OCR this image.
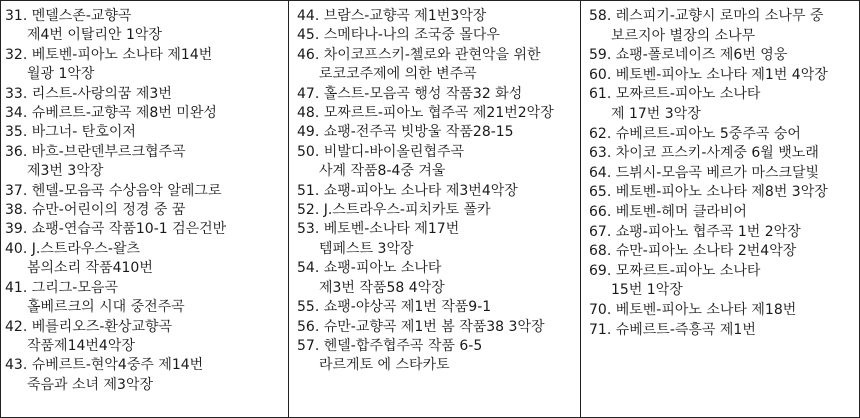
31. 멘델스존-교향곡
제4번 이탈리안 1악장
32. 베토벤-피아노 소나타 제14번
월광 1악장
33. 리스트-사랑의꿈 제3번
34. 슈베르트-교향곡 제8번 미완성
35. 바그너- 탄호이저
36. 바흐-브란덴부르크협주곡
제3번 3악장
37. 헨델-모음곡 수상음악 알레그로
38. 슈만-어린이의 정경 중 꿈
39. 쇼팽-연습곡 작품10-1 검은건반
40. J.스트라우스-왈츠
봄의소리 작품410번
41. 그리그-모음곡
홀베르크의 시대 중전주곡
42. 베를리오즈-환상교향곡
작품제14번4악장
43. 슈베르트-현악4중주 제14번
죽음과 소녀 제3악장
44. 브람스-교향곡 제1번3악장
45. 스메타나-나의 조국중 몰다우
46. 차이코프스키-첼로와 관현악을 위한
로코코주제에 의한 변주곡
47. 홀스트-모음곡 행성 작품32 화성
48. 모짜르트-피아노 협주곡 제21번2악장
49. 쇼팽-전주곡 빗방울 작품28-15
50. 비발디-바이올린협주곡
사계 작품8-4중 겨울
51. 쇼팽-피아노 소나타 제3번4악장
52. J.스트라우스-피치카토 폴카
53. 베토벤-소나타 제17번
템페스트 3악장
54. 쇼팽-피아노 소나타
제3번 작품58 4악장
55. 쇼팽-야상곡 제1번 작품9-1
56. 슈만-교향곡 제1번 봄 작품38 3악장
57. 헨델-합주협주곡 작품 6-5
라르게토 에 스타카토
58. 레스피기-교향시 로마의 소나무 중
보르지아 별장의 소나무
59. 쇼팽-폴로네이즈 제6번 영웅
60. 베토벤-피아노 소나타 제1번 4악장
61. 모짜르트-피아노 소나타
제 17번 3악장
62. 슈베르트-피아노 5중주곡 숭어
63. 차이코 프스키-사계중 6월 뱃노래
64. 드뷔시-모음곡 베르가 마스크달빛
65. 베토벤-피아노 소나타 제8번 3악장
66. 베토벤-헤머 클라비어
67. 쇼팽-피아노 협주곡 1번 2악장
68. 슈만-피아노 소나타 2번4악장
69. 모짜르트-피아노 소나타
15번 1악장
70. 베토벤-피아노 소나타 제18번
71. 슈베르트-즉흥곡 제1번
